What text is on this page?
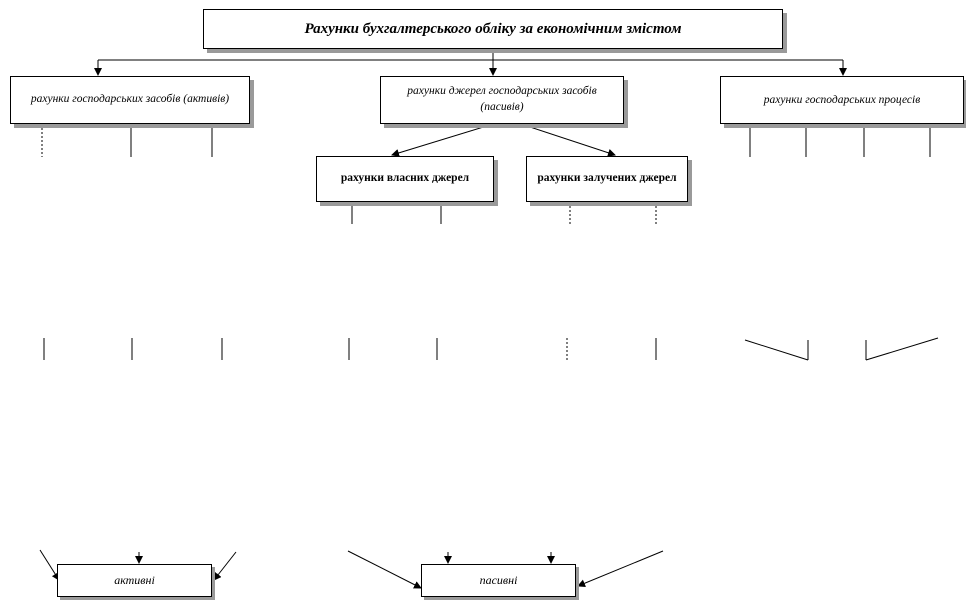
Рахунки бухгалтерського обліку за економічним змістом
рахунки господарських засобів (активів)
рахунки джерел господарських засобів (пасивів)
рахунки господарських процесів
рахунки власних джерел	рахунки залучених джерел
активні	пасивні
